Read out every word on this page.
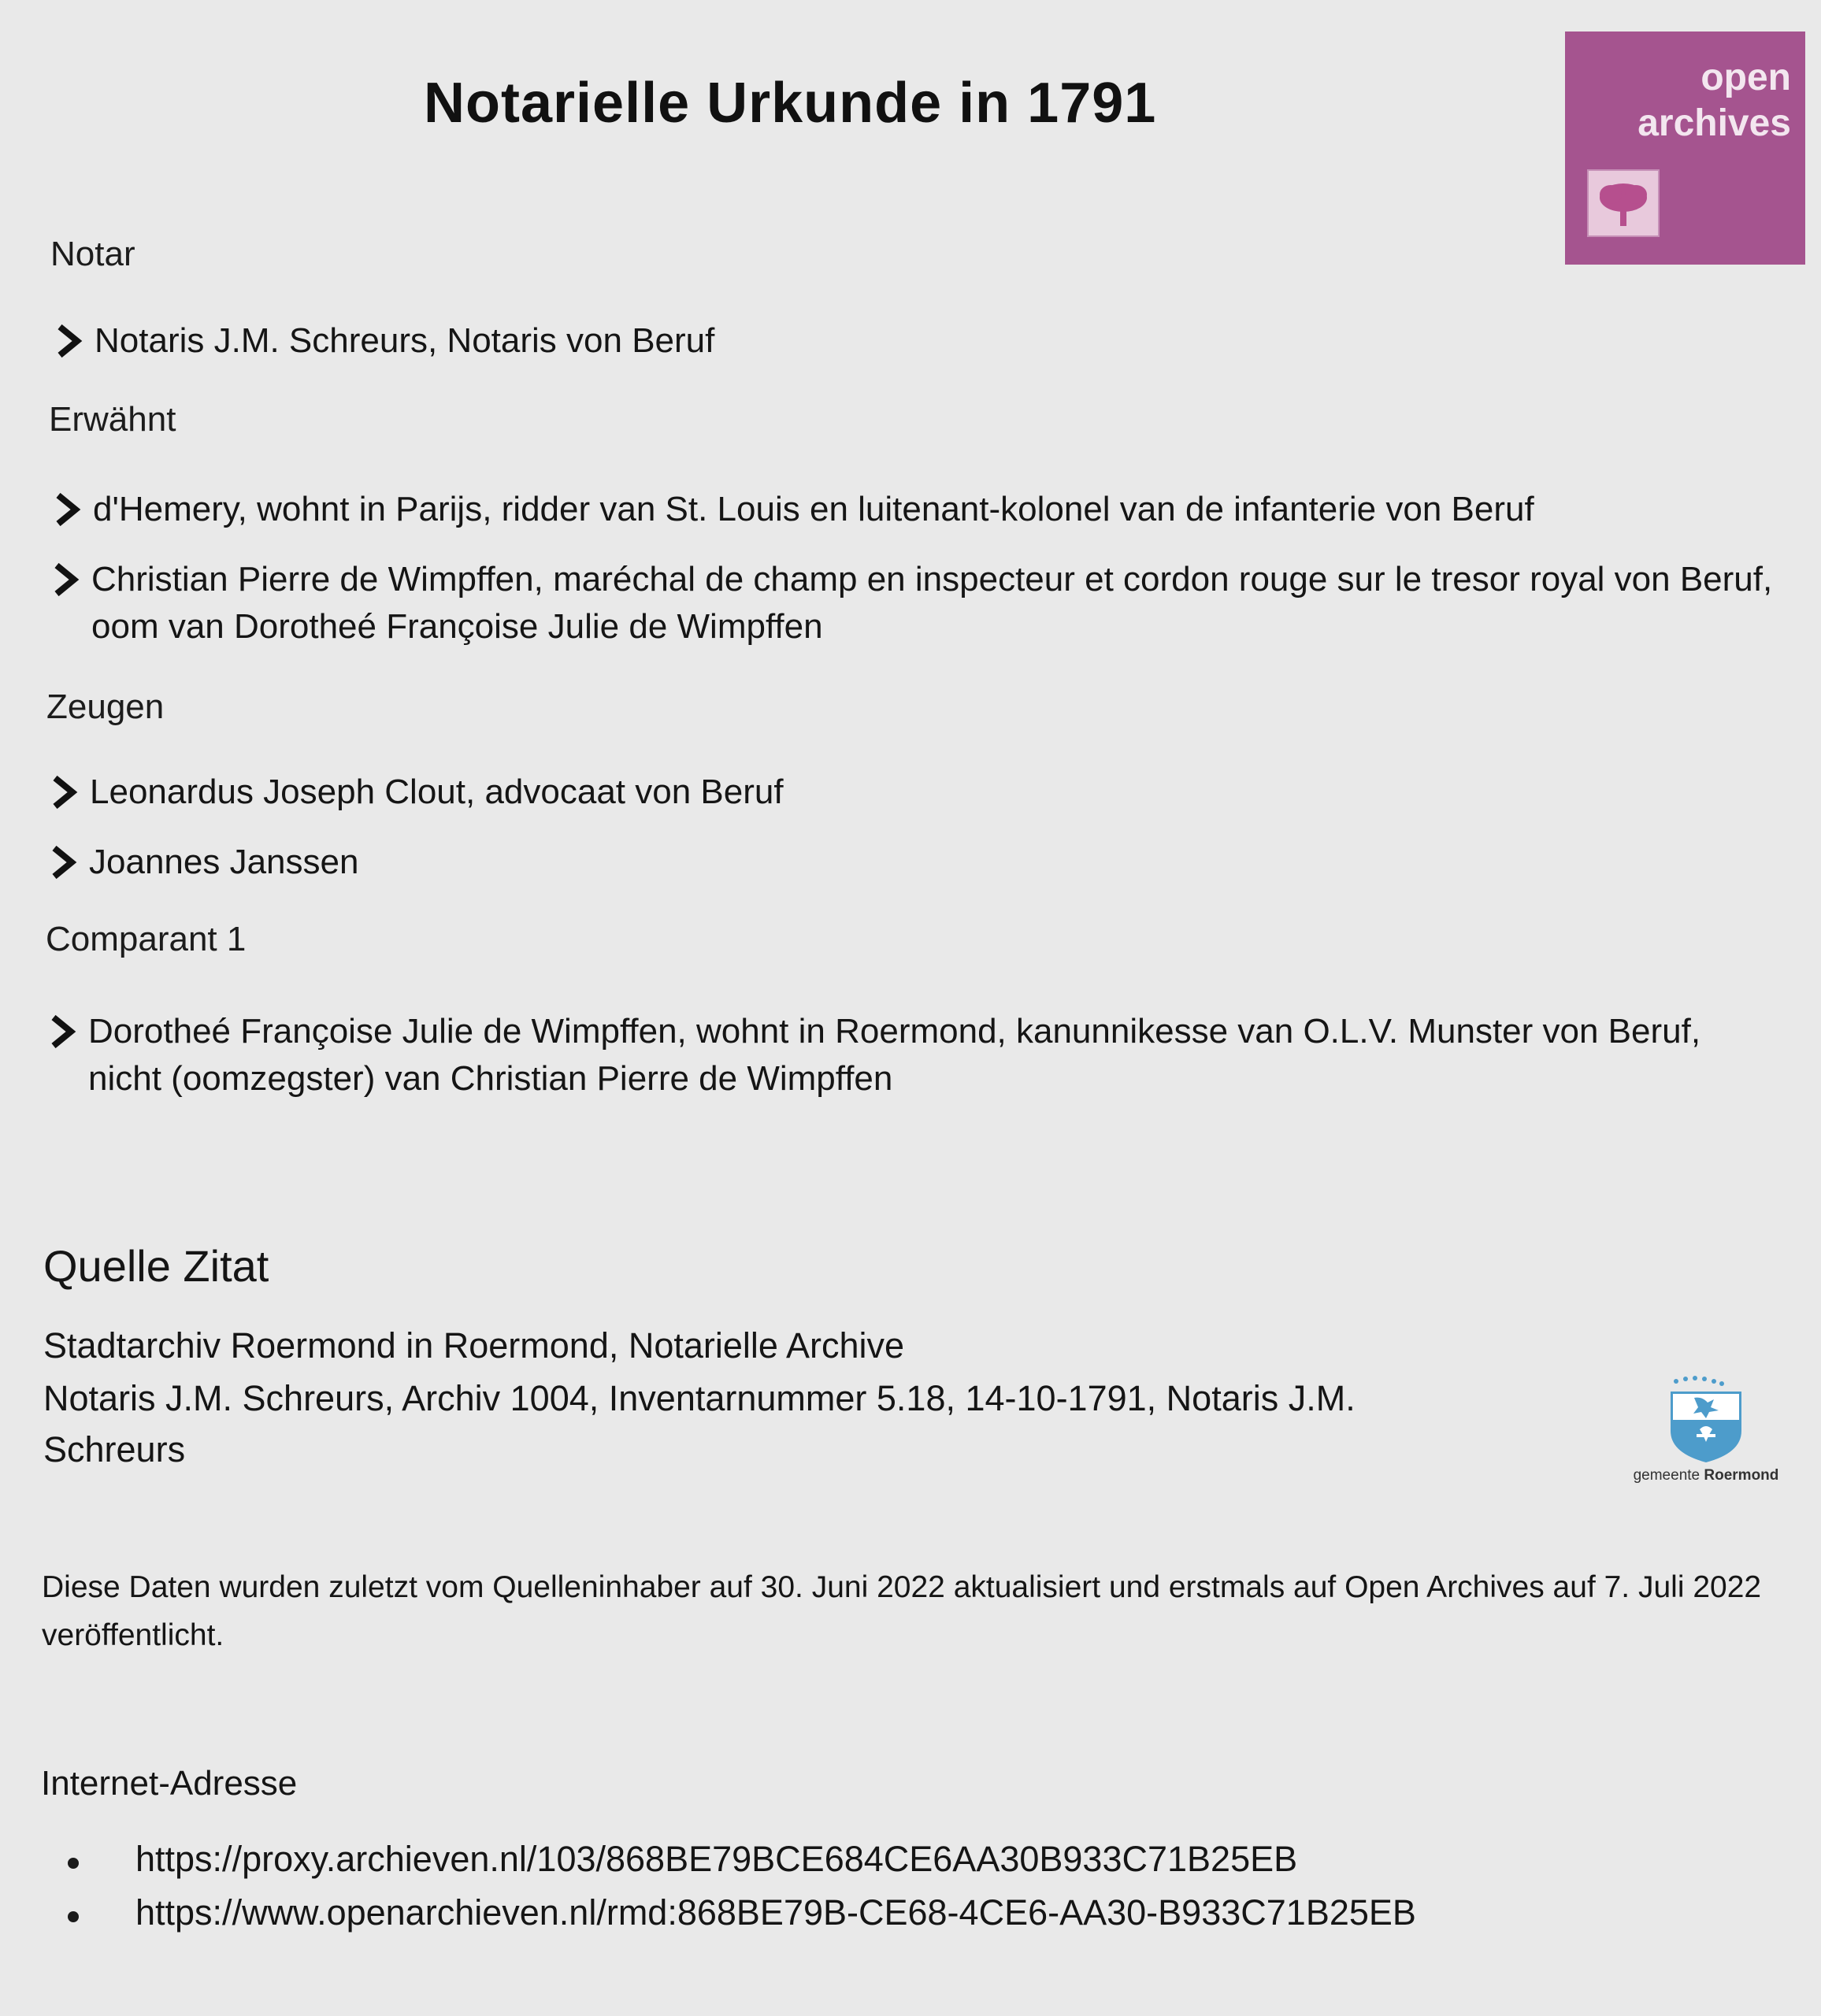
Notarielle Urkunde in 1791	open
archives
Notar
Notaris J.M. Schreurs, Notaris von Beruf
Erwähnt
d'Hemery, wohnt in Parijs, ridder van St. Louis en luitenant-kolonel van de infanterie von Beruf
Christian Pierre de Wimpffen, maréchal de champ en inspecteur et cordon rouge sur le tresor royal von Beruf, oom van Dorotheé Françoise Julie de Wimpffen
Zeugen
Leonardus Joseph Clout, advocaat von Beruf
Joannes Janssen
Comparant 1
Dorotheé Françoise Julie de Wimpffen, wohnt in Roermond, kanunnikesse van O.L.V. Munster von Beruf, nicht (oomzegster) van Christian Pierre de Wimpffen
Quelle Zitat
Stadtarchiv Roermond in Roermond, Notarielle Archive
Notaris J.M. Schreurs, Archiv 1004, Inventarnummer 5.18, 14-10-1791, Notaris J.M.
Schreurs
gemeente Roermond
Diese Daten wurden zuletzt vom Quelleninhaber auf 30. Juni 2022 aktualisiert und erstmals auf Open Archives auf 7. Juli 2022 veröffentlicht.
Internet-Adresse
https://proxy.archieven.nl/103/868BE79BCE684CE6AA30B933C71B25EB
https://www.openarchieven.nl/rmd:868BE79B-CE68-4CE6-AA30-B933C71B25EB
